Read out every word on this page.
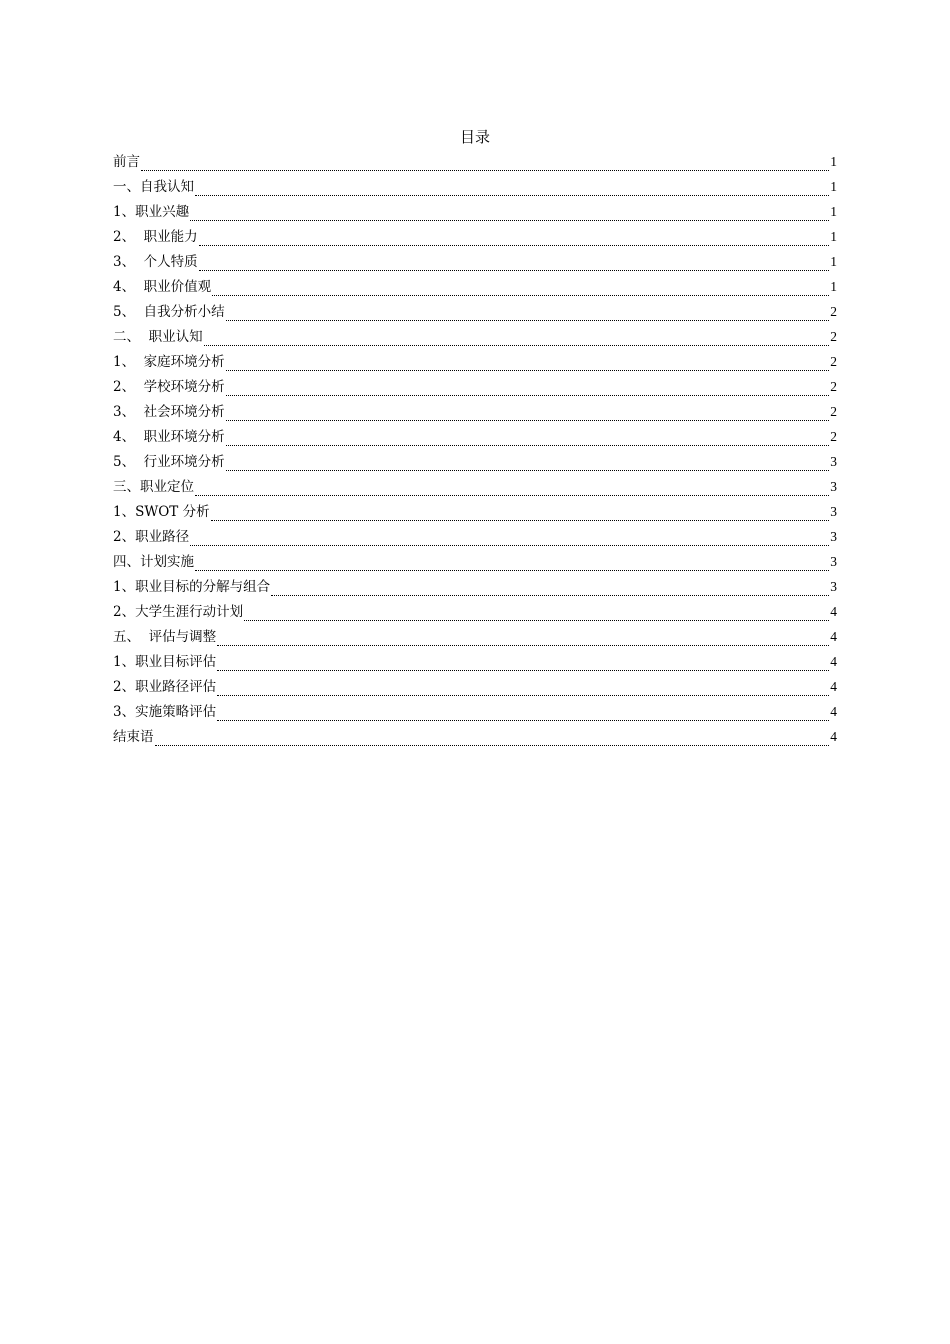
目录
前言	1
一、自我认知	1
1、职业兴趣	1
2、  职业能力	1
3、  个人特质	1
4、  职业价值观	1
5、  自我分析小结	2
二、  职业认知	2
1、  家庭环境分析	2
2、  学校环境分析	2
3、  社会环境分析	2
4、  职业环境分析	2
5、  行业环境分析	3
三、职业定位	3
1、SWOT 分析	3
2、职业路径	3
四、计划实施	3
1、职业目标的分解与组合	3
2、大学生涯行动计划	4
五、  评估与调整	4
1、职业目标评估	4
2、职业路径评估	4
3、实施策略评估	4
结束语	4
